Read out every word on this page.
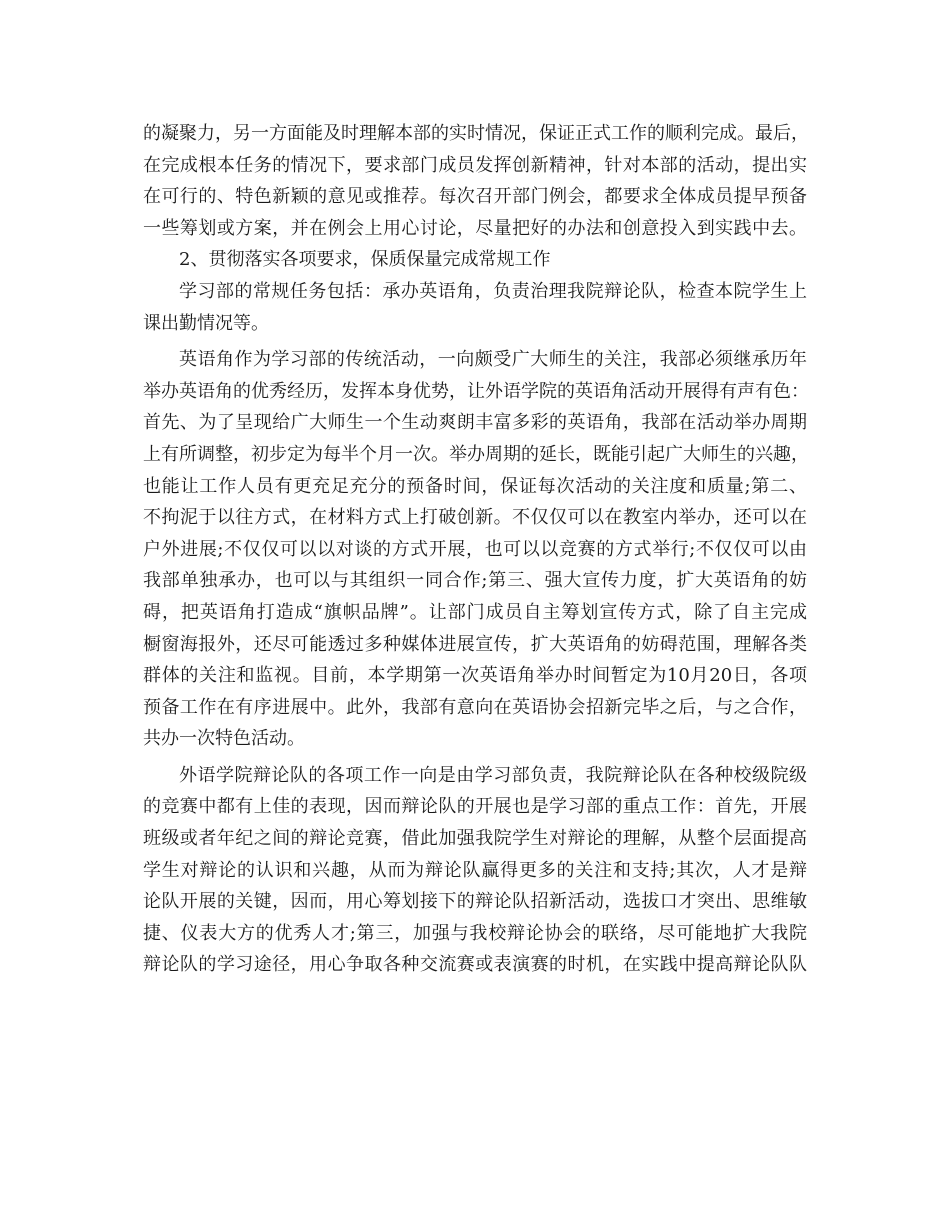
的凝聚力，另一方面能及时理解本部的实时情况，保证正式工作的顺利完成。最后，
在完成根本任务的情况下，要求部门成员发挥创新精神，针对本部的活动，提出实
在可行的、特色新颖的意见或推荐。每次召开部门例会，都要求全体成员提早预备
一些筹划或方案，并在例会上用心讨论，尽量把好的办法和创意投入到实践中去。
2、贯彻落实各项要求，保质保量完成常规工作
学习部的常规任务包括：承办英语角，负责治理我院辩论队，检查本院学生上
课出勤情况等。
英语角作为学习部的传统活动，一向颇受广大师生的关注，我部必须继承历年
举办英语角的优秀经历，发挥本身优势，让外语学院的英语角活动开展得有声有色：
首先、为了呈现给广大师生一个生动爽朗丰富多彩的英语角，我部在活动举办周期
上有所调整，初步定为每半个月一次。举办周期的延长，既能引起广大师生的兴趣，
也能让工作人员有更充足充分的预备时间，保证每次活动的关注度和质量;第二、
不拘泥于以往方式，在材料方式上打破创新。不仅仅可以在教室内举办，还可以在
户外进展;不仅仅可以以对谈的方式开展，也可以以竞赛的方式举行;不仅仅可以由
我部单独承办，也可以与其组织一同合作;第三、强大宣传力度，扩大英语角的妨
碍，把英语角打造成“旗帜品牌”。让部门成员自主筹划宣传方式，除了自主完成
橱窗海报外，还尽可能透过多种媒体进展宣传，扩大英语角的妨碍范围，理解各类
群体的关注和监视。目前，本学期第一次英语角举办时间暂定为10月20日，各项
预备工作在有序进展中。此外，我部有意向在英语协会招新完毕之后，与之合作，
共办一次特色活动。
外语学院辩论队的各项工作一向是由学习部负责，我院辩论队在各种校级院级
的竞赛中都有上佳的表现，因而辩论队的开展也是学习部的重点工作：首先，开展
班级或者年纪之间的辩论竞赛，借此加强我院学生对辩论的理解，从整个层面提高
学生对辩论的认识和兴趣，从而为辩论队赢得更多的关注和支持;其次，人才是辩
论队开展的关键，因而，用心筹划接下的辩论队招新活动，选拔口才突出、思维敏
捷、仪表大方的优秀人才;第三，加强与我校辩论协会的联络，尽可能地扩大我院
辩论队的学习途径，用心争取各种交流赛或表演赛的时机，在实践中提高辩论队队
